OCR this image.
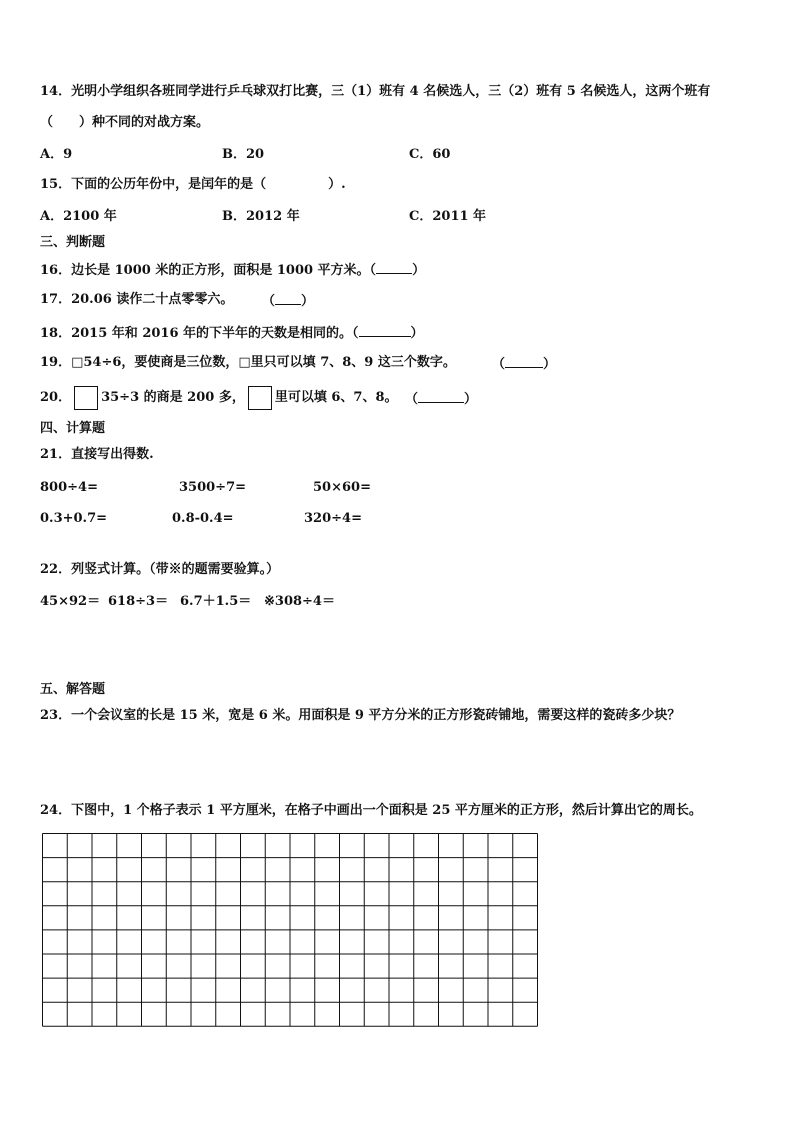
14．光明小学组织各班同学进行乒乓球双打比赛，三（1）班有 4 名候选人，三（2）班有 5 名候选人，这两个班有
（　　）种不同的对战方案。
A．9	B．20	C．60
15．下面的公历年份中，是闰年的是（	）.
A．2100 年	B．2012 年	C．2011 年
三、判断题
16．边长是 1000 米的正方形，面积是 1000 平方米。（	）
17．20.06 读作二十点零零六。 （ ）
18．2015 年和 2016 年的下半年的天数是相同的。（	）
19．□54÷6，要使商是三位数，□里只可以填 7、8、9 这三个数字。	（	）
20． 35÷3 的商是 200 多， 里可以填 6、7、8。 （	）
四、计算题
21．直接写出得数.
800÷4=	3500÷7=	50×60=
0.3+0.7=	0.8-0.4=	320÷4=
22．列竖式计算。（带※的题需要验算。）
45×92＝ 618÷3＝ 6.7＋1.5＝ ※308÷4＝
五、解答题
23．一个会议室的长是 15 米，宽是 6 米。用面积是 9 平方分米的正方形瓷砖铺地，需要这样的瓷砖多少块？
24．下图中，1 个格子表示 1 平方厘米，在格子中画出一个面积是 25 平方厘米的正方形，然后计算出它的周长。
